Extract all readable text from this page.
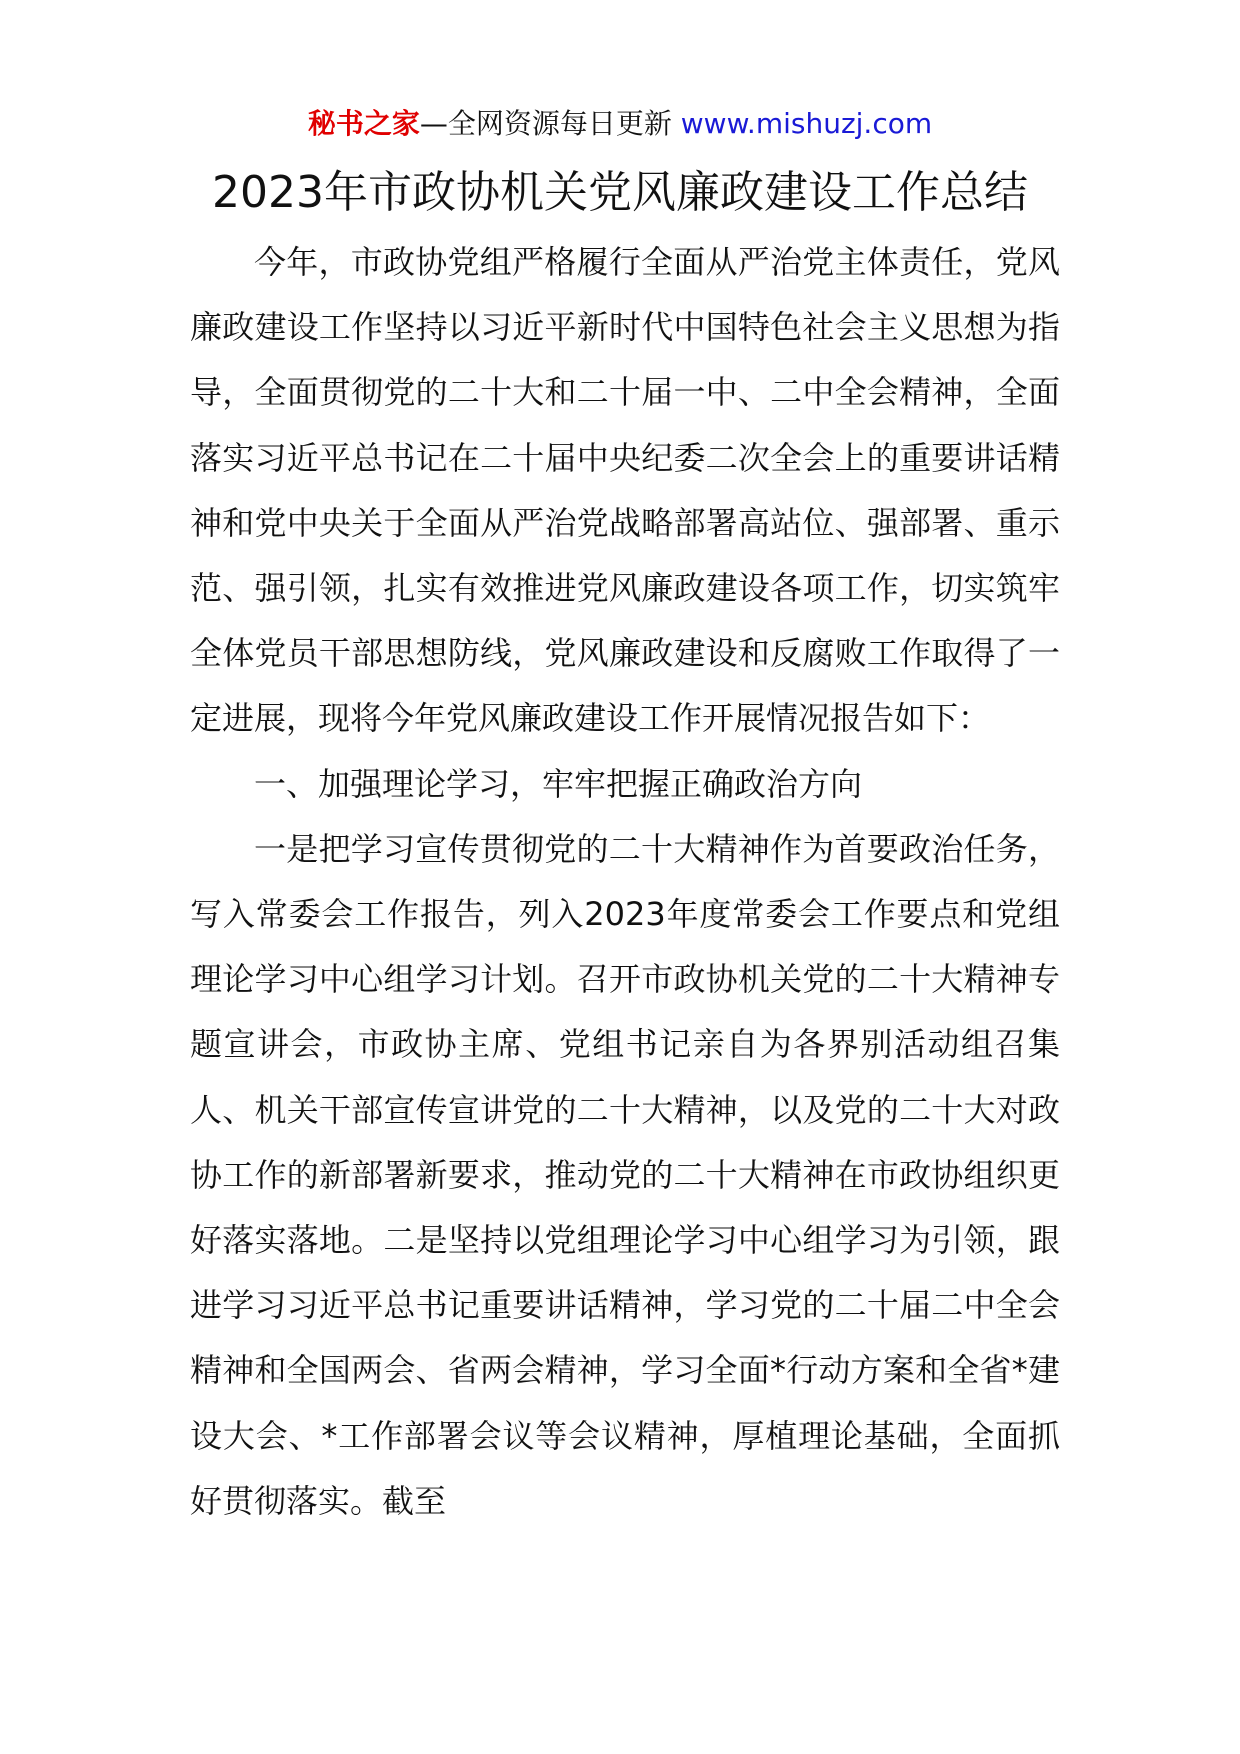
秘书之家—全网资源每日更新 www.mishuzj.com
2023年市政协机关党风廉政建设工作总结

今年，市政协党组严格履行全面从严治党主体责任，党风廉政建设工作坚持以习近平新时代中国特色社会主义思想为指导，全面贯彻党的二十大和二十届一中、二中全会精神，全面落实习近平总书记在二十届中央纪委二次全会上的重要讲话精神和党中央关于全面从严治党战略部署高站位、强部署、重示范、强引领，扎实有效推进党风廉政建设各项工作，切实筑牢全体党员干部思想防线，党风廉政建设和反腐败工作取得了一定进展，现将今年党风廉政建设工作开展情况报告如下：

一、加强理论学习，牢牢把握正确政治方向

一是把学习宣传贯彻党的二十大精神作为首要政治任务，写入常委会工作报告，列入2023年度常委会工作要点和党组理论学习中心组学习计划。召开市政协机关党的二十大精神专题宣讲会，市政协主席、党组书记亲自为各界别活动组召集人、机关干部宣传宣讲党的二十大精神，以及党的二十大对政协工作的新部署新要求，推动党的二十大精神在市政协组织更好落实落地。二是坚持以党组理论学习中心组学习为引领，跟进学习习近平总书记重要讲话精神，学习党的二十届二中全会精神和全国两会、省两会精神，学习全面*行动方案和全省*建设大会、*工作部署会议等会议精神，厚植理论基础，全面抓好贯彻落实。截至
